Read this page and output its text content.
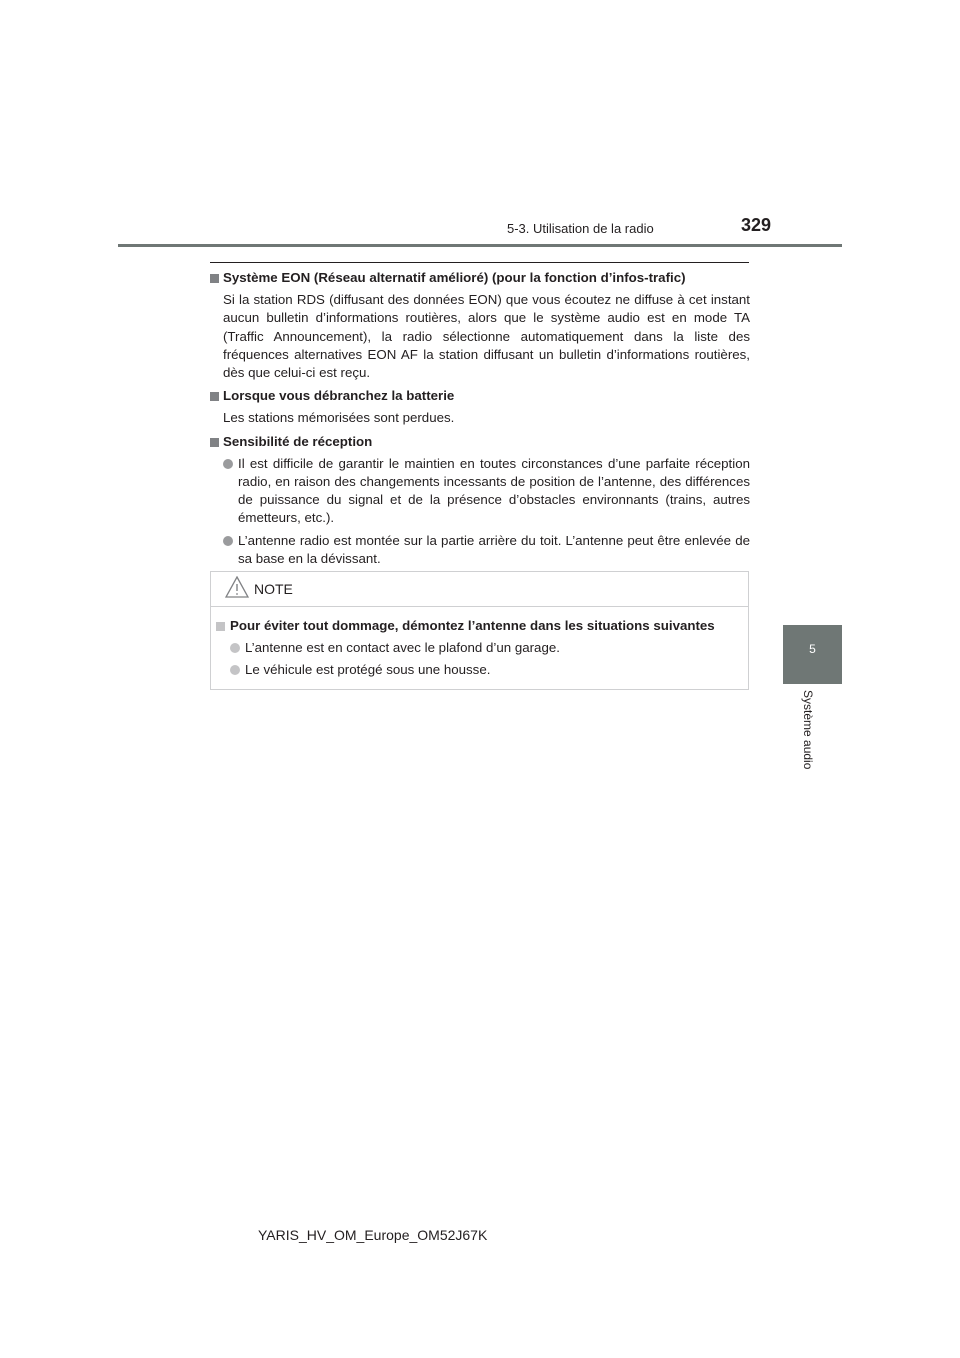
5-3. Utilisation de la radio	329
5
Système audio
Système EON (Réseau alternatif amélioré) (pour la fonction d’infos-trafic)
Si la station RDS (diffusant des données EON) que vous écoutez ne diffuse à cet instant aucun bulletin d’informations routières, alors que le système audio est en mode TA (Traffic Announcement), la radio sélectionne automatiquement dans la liste des fréquences alternatives EON AF la station diffusant un bulletin d’informations routières, dès que celui-ci est reçu.
Lorsque vous débranchez la batterie
Les stations mémorisées sont perdues.
Sensibilité de réception
Il est difficile de garantir le maintien en toutes circonstances d’une parfaite réception radio, en raison des changements incessants de position de l’antenne, des différences de puissance du signal et de la présence d’obstacles environnants (trains, autres émetteurs, etc.).
L’antenne radio est montée sur la partie arrière du toit. L’antenne peut être enlevée de sa base en la dévissant.
NOTE
Pour éviter tout dommage, démontez l’antenne dans les situations suivantes
L’antenne est en contact avec le plafond d’un garage.
Le véhicule est protégé sous une housse.
YARIS_HV_OM_Europe_OM52J67K
